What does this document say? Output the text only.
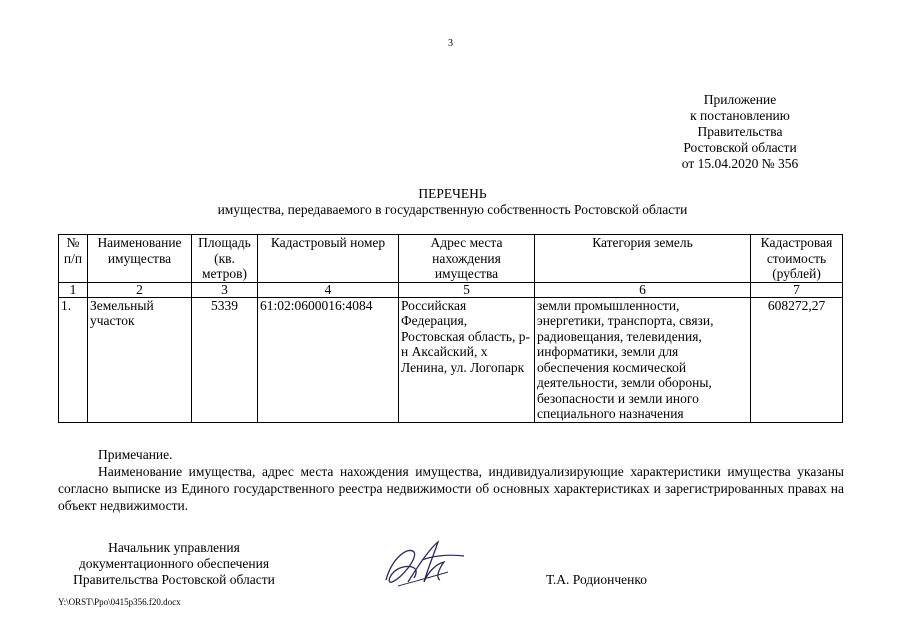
3
Приложение
к постановлению
Правительства
Ростовской области
от 15.04.2020 № 356
ПЕРЕЧЕНЬ
имущества, передаваемого в государственную собственность Ростовской области
№ п/п	Наименование имущества	Площадь (кв. метров)	Кадастровый номер	Адрес места нахождения имущества	Категория земель	Кадастровая стоимость (рублей)
1	2	3	4	5	6	7
1.	Земельный участок	5339	61:02:0600016:4084	Российская Федерация, Ростовская область, р-н Аксайский, х Ленина, ул. Логопарк	земли промышленности, энергетики, транспорта, связи, радиовещания, телевидения, информатики, земли для обеспечения космической деятельности, земли обороны, безопасности и земли иного специального назначения	608272,27
Примечание.
Наименование имущества, адрес места нахождения имущества, индивидуализирующие характеристики имущества указаны согласно выписке из Единого государственного реестра недвижимости об основных характеристиках и зарегистрированных правах на объект недвижимости.
Начальник управления
документационного обеспечения
Правительства Ростовской области	Т.А. Родионченко
Y:\ORST\Ppo\0415p356.f20.docx
